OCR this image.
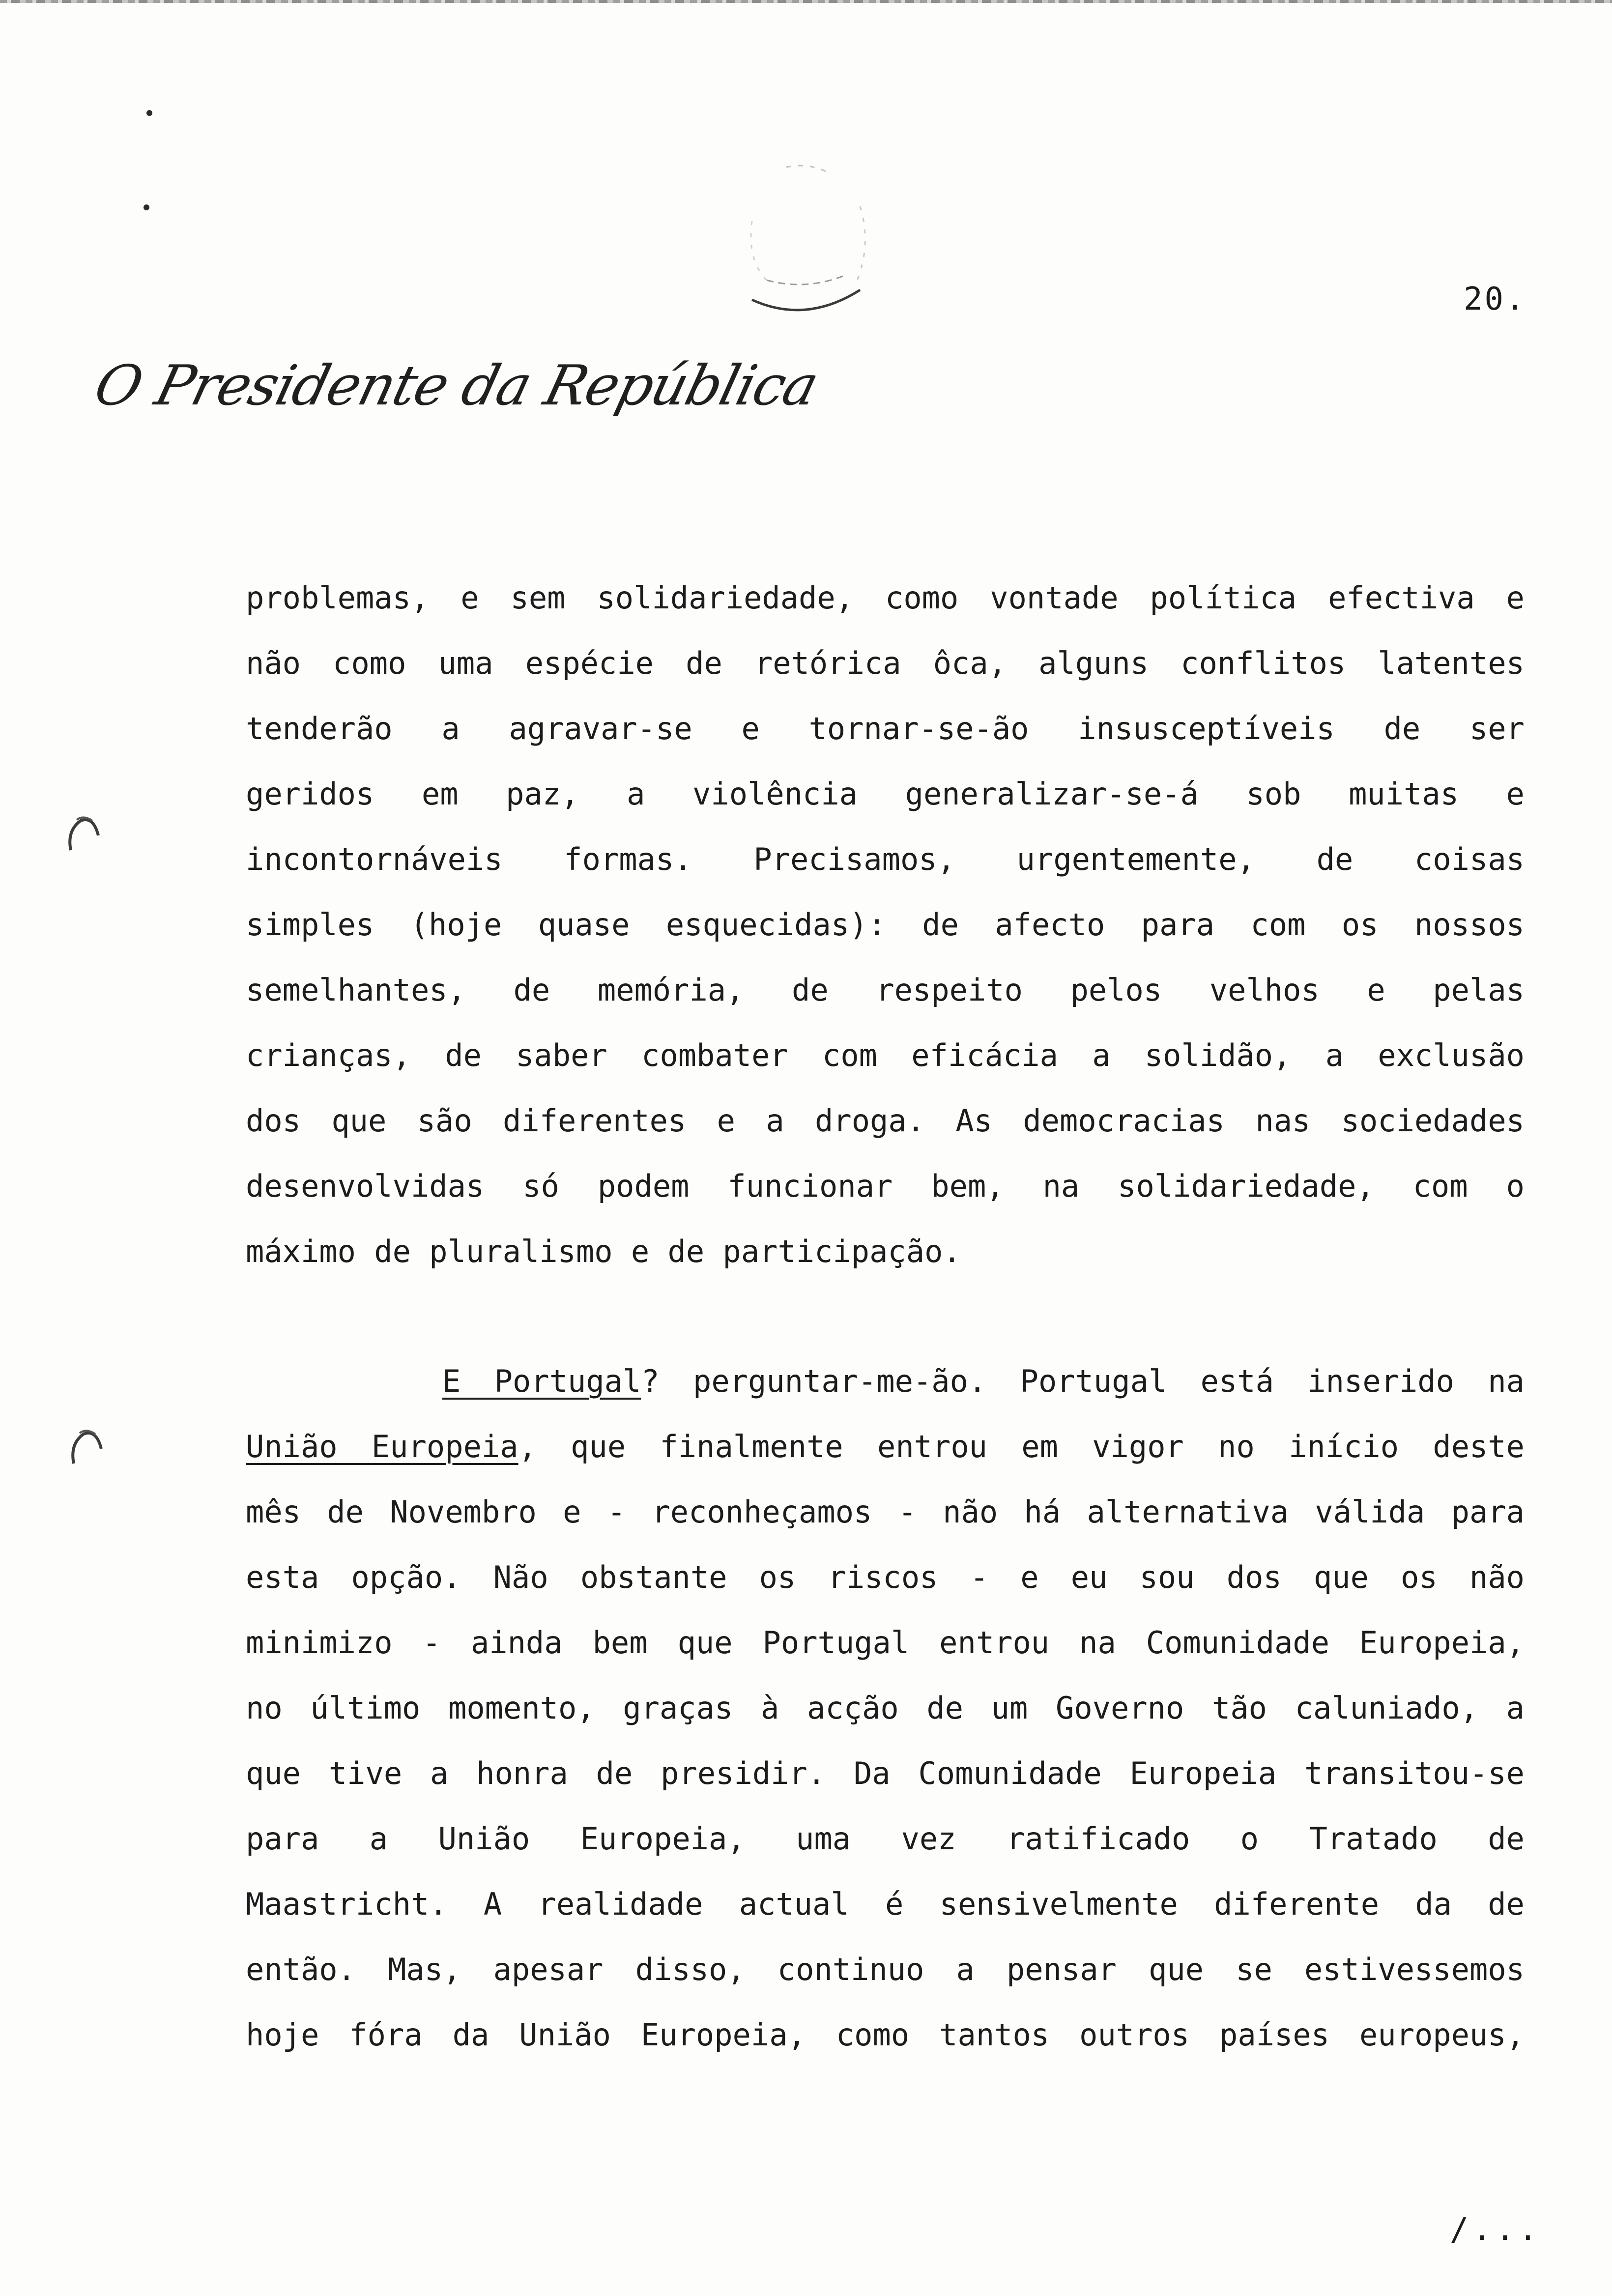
20.
O Presidente da República
problemas, e sem solidariedade, como vontade política efectiva e
não como uma espécie de retórica ôca, alguns conflitos latentes
tenderão a agravar-se e tornar-se-ão insusceptíveis de ser
geridos em paz, a violência generalizar-se-á sob muitas e
incontornáveis formas. Precisamos, urgentemente, de coisas
simples (hoje quase esquecidas): de afecto para com os nossos
semelhantes, de memória, de respeito pelos velhos e pelas
crianças, de saber combater com eficácia a solidão, a exclusão
dos que são diferentes e a droga. As democracias nas sociedades
desenvolvidas só podem funcionar bem, na solidariedade, com o
máximo de pluralismo e de participação.
E Portugal? perguntar-me-ão. Portugal está inserido na
União Europeia, que finalmente entrou em vigor no início deste
mês de Novembro e - reconheçamos - não há alternativa válida para
esta opção. Não obstante os riscos - e eu sou dos que os não
minimizo - ainda bem que Portugal entrou na Comunidade Europeia,
no último momento, graças à acção de um Governo tão caluniado, a
que tive a honra de presidir. Da Comunidade Europeia transitou-se
para a União Europeia, uma vez ratificado o Tratado de
Maastricht. A realidade actual é sensivelmente diferente da de
então. Mas, apesar disso, continuo a pensar que se estivessemos
hoje fóra da União Europeia, como tantos outros países europeus,
/...
